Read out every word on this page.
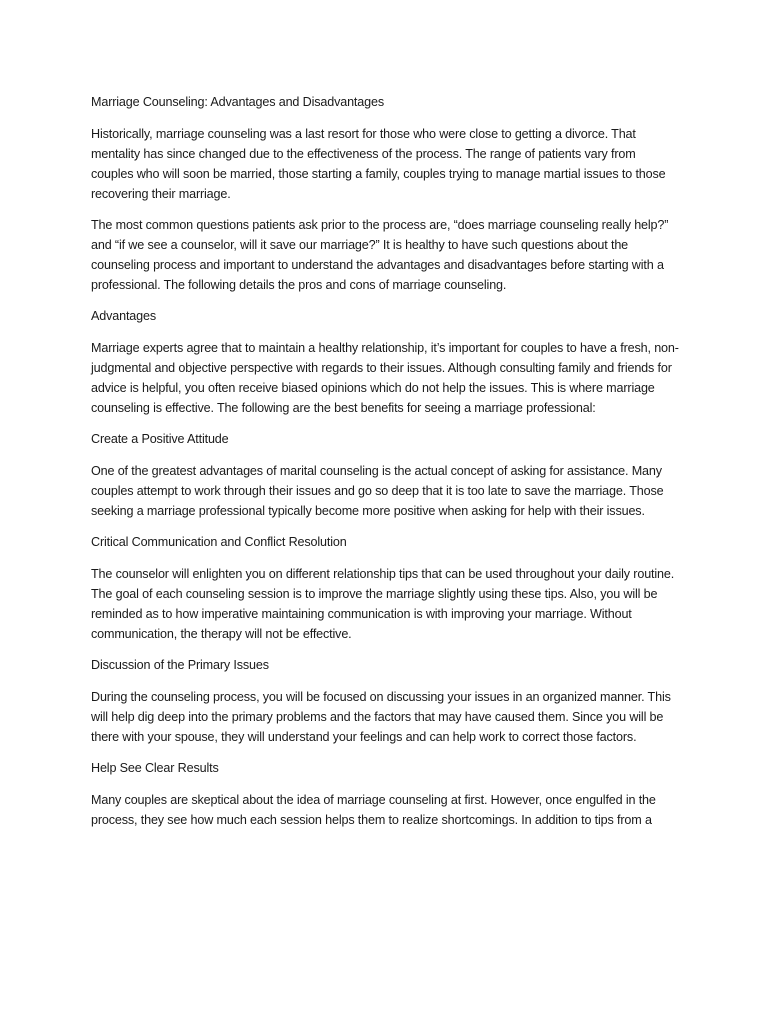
Marriage Counseling: Advantages and Disadvantages

Historically, marriage counseling was a last resort for those who were close to getting a divorce. That mentality has since changed due to the effectiveness of the process. The range of patients vary from couples who will soon be married, those starting a family, couples trying to manage martial issues to those recovering their marriage.

The most common questions patients ask prior to the process are, “does marriage counseling really help?” and “if we see a counselor, will it save our marriage?” It is healthy to have such questions about the counseling process and important to understand the advantages and disadvantages before starting with a professional. The following details the pros and cons of marriage counseling.

Advantages

Marriage experts agree that to maintain a healthy relationship, it’s important for couples to have a fresh, non-judgmental and objective perspective with regards to their issues. Although consulting family and friends for advice is helpful, you often receive biased opinions which do not help the issues. This is where marriage counseling is effective. The following are the best benefits for seeing a marriage professional:

Create a Positive Attitude

One of the greatest advantages of marital counseling is the actual concept of asking for assistance. Many couples attempt to work through their issues and go so deep that it is too late to save the marriage. Those seeking a marriage professional typically become more positive when asking for help with their issues.

Critical Communication and Conflict Resolution

The counselor will enlighten you on different relationship tips that can be used throughout your daily routine. The goal of each counseling session is to improve the marriage slightly using these tips. Also, you will be reminded as to how imperative maintaining communication is with improving your marriage. Without communication, the therapy will not be effective.

Discussion of the Primary Issues

During the counseling process, you will be focused on discussing your issues in an organized manner. This will help dig deep into the primary problems and the factors that may have caused them. Since you will be there with your spouse, they will understand your feelings and can help work to correct those factors.

Help See Clear Results

Many couples are skeptical about the idea of marriage counseling at first. However, once engulfed in the process, they see how much each session helps them to realize shortcomings. In addition to tips from a
